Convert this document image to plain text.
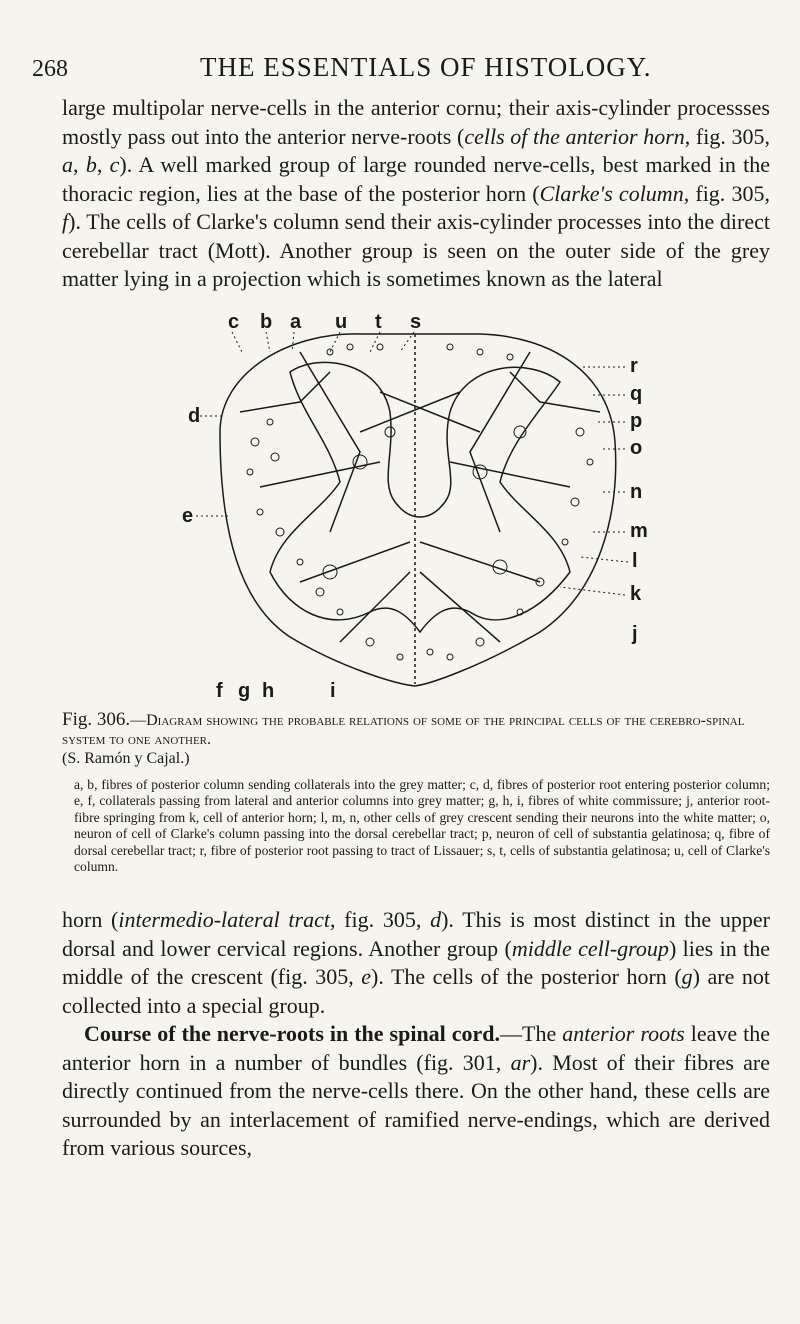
268	THE ESSENTIALS OF HISTOLOGY.

large multipolar nerve-cells in the anterior cornu; their axis-cylinder processses mostly pass out into the anterior nerve-roots (cells of the anterior horn, fig. 305, a, b, c). A well marked group of large rounded nerve-cells, best marked in the thoracic region, lies at the base of the posterior horn (Clarke's column, fig. 305, f). The cells of Clarke's column send their axis-cylinder processes into the direct cerebellar tract (Mott). Another group is seen on the outer side of the grey matter lying in a projection which is sometimes known as the lateral

c b a u t s
r
q
p
o
n
m
l
k
j
d
e
f g h	i
Fig. 306.—Diagram showing the probable relations of some of the principal cells of the cerebro-spinal system to one another.
(S. Ramón y Cajal.)
a, b, fibres of posterior column sending collaterals into the grey matter; c, d, fibres of posterior root entering posterior column; e, f, collaterals passing from lateral and anterior columns into grey matter; g, h, i, fibres of white commissure; j, anterior root-fibre springing from k, cell of anterior horn; l, m, n, other cells of grey crescent sending their neurons into the white matter; o, neuron of cell of Clarke's column passing into the dorsal cerebellar tract; p, neuron of cell of substantia gelatinosa; q, fibre of dorsal cerebellar tract; r, fibre of posterior root passing to tract of Lissauer; s, t, cells of substantia gelatinosa; u, cell of Clarke's column.

horn (intermedio-lateral tract, fig. 305, d). This is most distinct in the upper dorsal and lower cervical regions. Another group (middle cell-group) lies in the middle of the crescent (fig. 305, e). The cells of the posterior horn (g) are not collected into a special group.

Course of the nerve-roots in the spinal cord.—The anterior roots leave the anterior horn in a number of bundles (fig. 301, ar). Most of their fibres are directly continued from the nerve-cells there. On the other hand, these cells are surrounded by an interlacement of ramified nerve-endings, which are derived from various sources,
